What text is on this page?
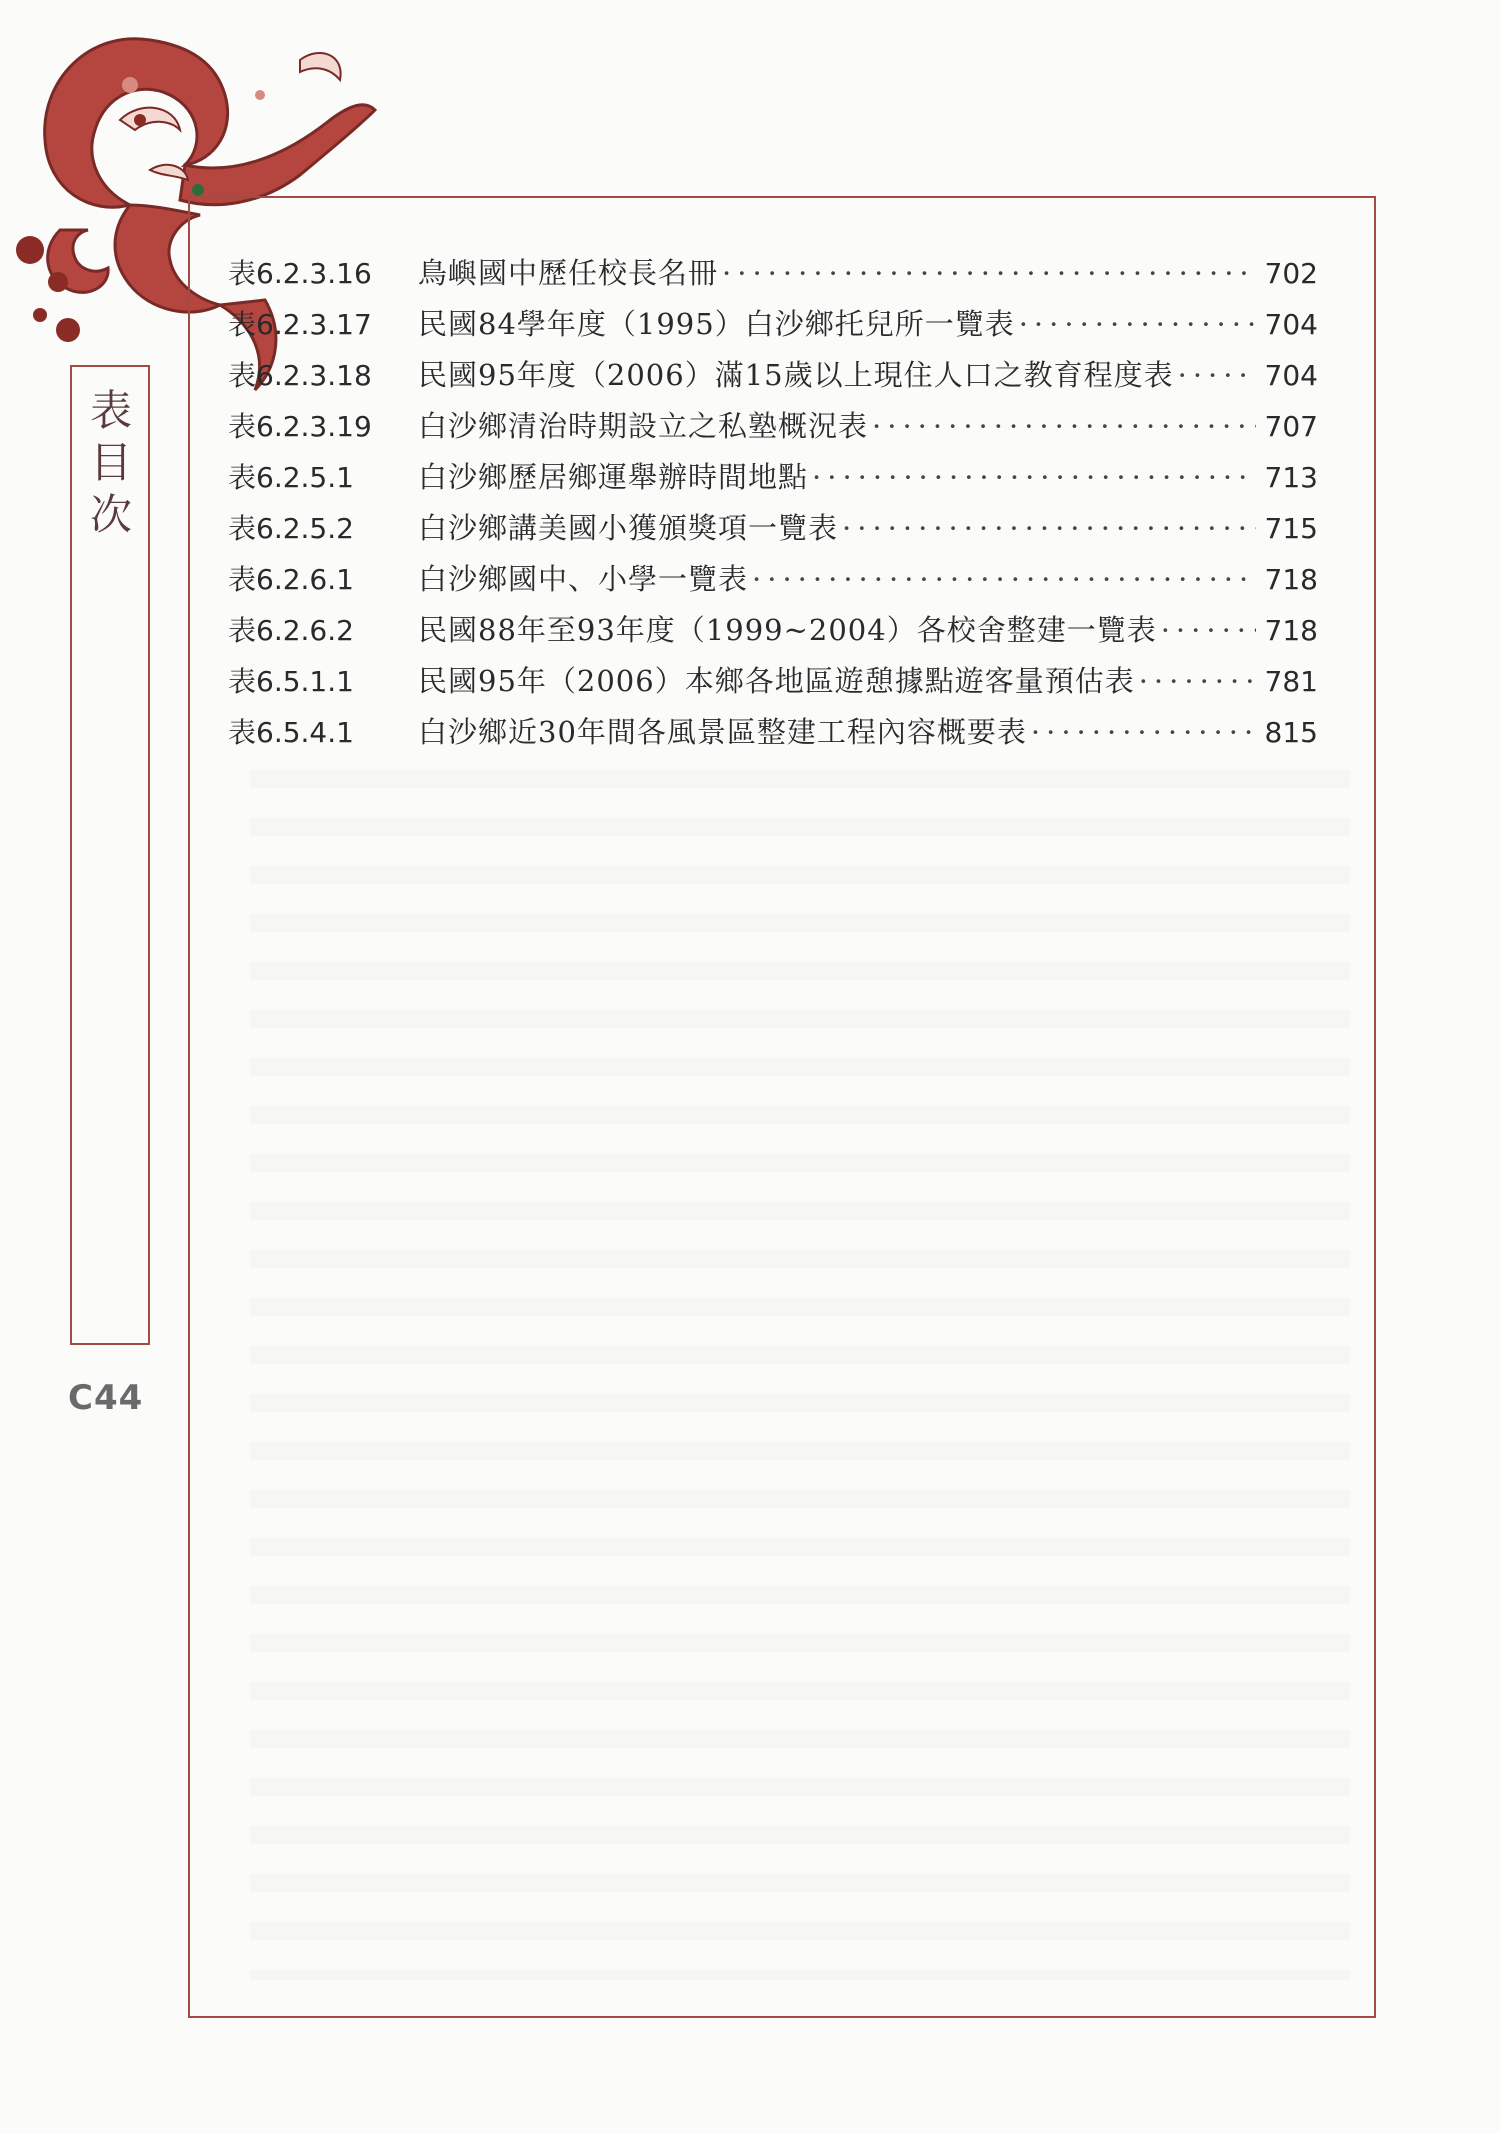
表
目
次
C44
表6.2.3.16	鳥嶼國中歷任校長名冊 ·····	702
表6.2.3.17	民國84學年度（1995）白沙鄉托兒所一覽表 ·····	704
表6.2.3.18	民國95年度（2006）滿15歲以上現住人口之教育程度表 ·····	704
表6.2.3.19	白沙鄉清治時期設立之私塾概況表 ·····	707
表6.2.5.1	白沙鄉歷居鄉運舉辦時間地點 ·····	713
表6.2.5.2	白沙鄉講美國小獲頒獎項一覽表 ·····	715
表6.2.6.1	白沙鄉國中、小學一覽表 ·····	718
表6.2.6.2	民國88年至93年度（1999~2004）各校舍整建一覽表 ·····	718
表6.5.1.1	民國95年（2006）本鄉各地區遊憩據點遊客量預估表 ·····	781
表6.5.4.1	白沙鄉近30年間各風景區整建工程內容概要表 ·····	815
